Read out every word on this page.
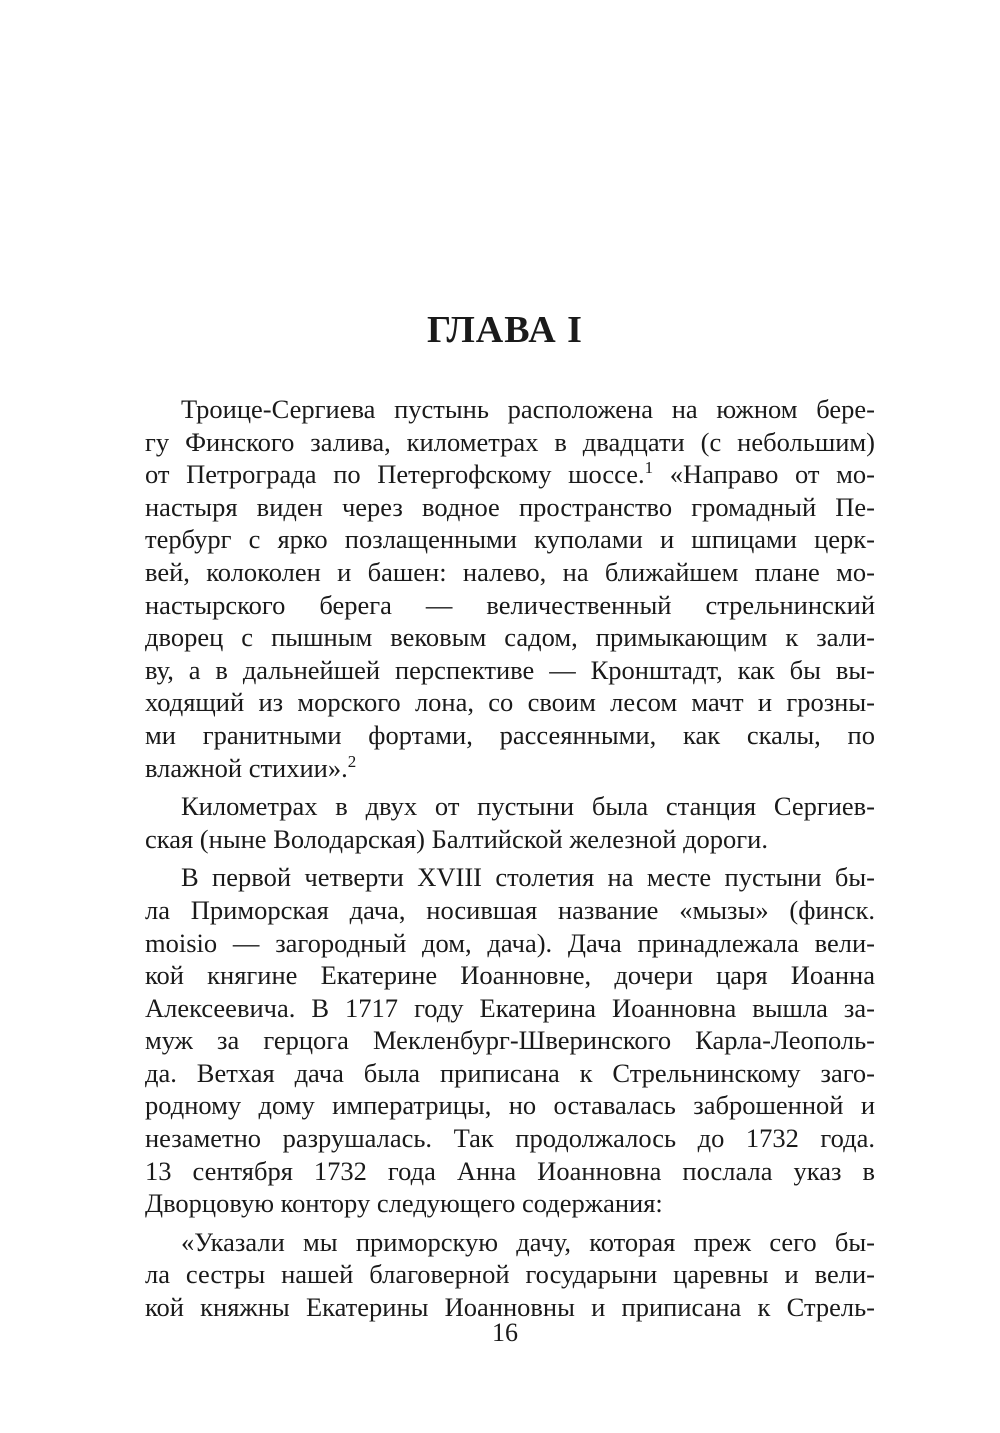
ГЛАВА I
Троице-Сергиева пустынь расположена на южном бере-
гу Финского залива, километрах в двадцати (с небольшим)
от Петрограда по Петергофскому шоссе.$^1$ «Направо от мо-
настыря виден через водное пространство громадный Пе-
тербург с ярко позлащенными куполами и шпицами церк-
вей, колоколен и башен: налево, на ближайшем плане мо-
настырского берега — величественный стрельнинский
дворец с пышным вековым садом, примыкающим к зали-
ву, а в дальнейшей перспективе — Кронштадт, как бы вы-
ходящий из морского лона, со своим лесом мачт и грозны-
ми гранитными фортами, рассеянными, как скалы, по
влажной стихии».$^2$
Километрах в двух от пустыни была станция Сергиев-
ская (ныне Володарская) Балтийской железной дороги.
В первой четверти XVIII столетия на месте пустыни бы-
ла Приморская дача, носившая название «мызы» (финск.
moisio — загородный дом, дача). Дача принадлежала вели-
кой княгине Екатерине Иоанновне, дочери царя Иоанна
Алексеевича. В 1717 году Екатерина Иоанновна вышла за-
муж за герцога Мекленбург-Шверинского Карла-Леополь-
да. Ветхая дача была приписана к Стрельнинскому заго-
родному дому императрицы, но оставалась заброшенной и
незаметно разрушалась. Так продолжалось до 1732 года.
13 сентября 1732 года Анна Иоанновна послала указ в
Дворцовую контору следующего содержания:
«Указали мы приморскую дачу, которая преж сего бы-
ла сестры нашей благоверной государыни царевны и вели-
кой княжны Екатерины Иоанновны и приписана к Стрель-

16
